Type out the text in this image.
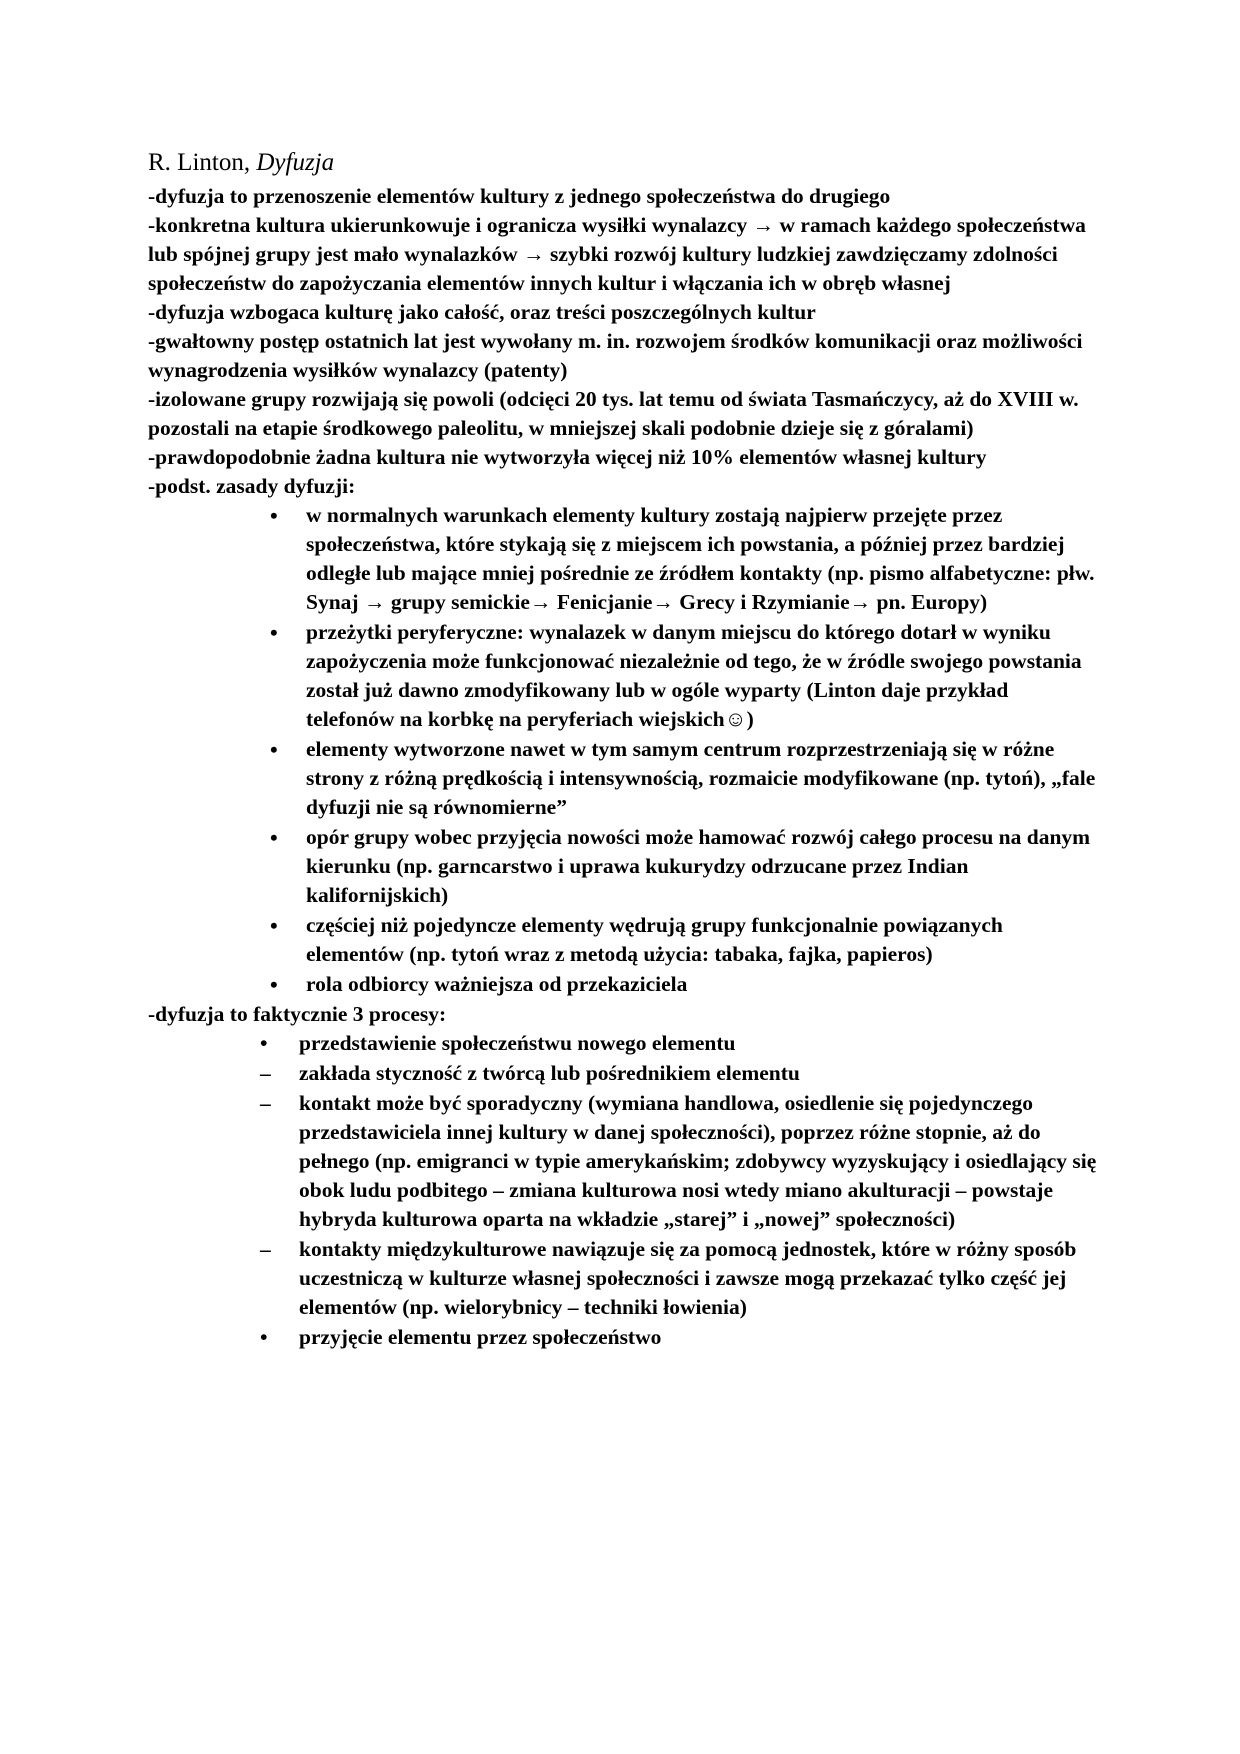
R. Linton, Dyfuzja

-dyfuzja to przenoszenie elementów kultury z jednego społeczeństwa do drugiego

-konkretna kultura ukierunkowuje i ogranicza wysiłki wynalazcy → w ramach każdego społeczeństwa lub spójnej grupy jest mało wynalazków → szybki rozwój kultury ludzkiej zawdzięczamy zdolności społeczeństw do zapożyczania elementów innych kultur i włączania ich w obręb własnej

-dyfuzja wzbogaca kulturę jako całość, oraz treści poszczególnych kultur

-gwałtowny postęp ostatnich lat jest wywołany m. in. rozwojem środków komunikacji oraz możliwości wynagrodzenia wysiłków wynalazcy (patenty)

-izolowane grupy rozwijają się powoli (odcięci 20 tys. lat temu od świata Tasmańczycy, aż do XVIII w. pozostali na etapie środkowego paleolitu, w mniejszej skali podobnie dzieje się z góralami)

-prawdopodobnie żadna kultura nie wytworzyła więcej niż 10% elementów własnej kultury

-podst. zasady dyfuzji:

• w normalnych warunkach elementy kultury zostają najpierw przejęte przez społeczeństwa, które stykają się z miejscem ich powstania, a później przez bardziej odległe lub mające mniej pośrednie ze źródłem kontakty (np. pismo alfabetyczne: płw. Synaj → grupy semickie→ Fenicjanie→ Grecy i Rzymianie→ pn. Europy)
• przeżytki peryferyczne: wynalazek w danym miejscu do którego dotarł w wyniku zapożyczenia może funkcjonować niezależnie od tego, że w źródle swojego powstania został już dawno zmodyfikowany lub w ogóle wyparty (Linton daje przykład telefonów na korbkę na peryferiach wiejskich☺)
• elementy wytworzone nawet w tym samym centrum rozprzestrzeniają się w różne strony z różną prędkością i intensywnością, rozmaicie modyfikowane (np. tytoń), „fale dyfuzji nie są równomierne”
• opór grupy wobec przyjęcia nowości może hamować rozwój całego procesu na danym kierunku (np. garncarstwo i uprawa kukurydzy odrzucane przez Indian kalifornijskich)
• częściej niż pojedyncze elementy wędrują grupy funkcjonalnie powiązanych elementów (np. tytoń wraz z metodą użycia: tabaka, fajka, papieros)
• rola odbiorcy ważniejsza od przekaziciela

-dyfuzja to faktycznie 3 procesy:

•	przedstawienie społeczeństwu nowego elementu
–	zakłada styczność z twórcą lub pośrednikiem elementu
–	kontakt może być sporadyczny (wymiana handlowa, osiedlenie się pojedynczego przedstawiciela innej kultury w danej społeczności), poprzez różne stopnie, aż do pełnego (np. emigranci w typie amerykańskim; zdobywcy wyzyskujący i osiedlający się obok ludu podbitego – zmiana kulturowa nosi wtedy miano akulturacji – powstaje hybryda kulturowa oparta na wkładzie „starej” i „nowej” społeczności)
–	kontakty międzykulturowe nawiązuje się za pomocą jednostek, które w różny sposób uczestniczą w kulturze własnej społeczności i zawsze mogą przekazać tylko część jej elementów (np. wielorybnicy – techniki łowienia)
•	przyjęcie elementu przez społeczeństwo
